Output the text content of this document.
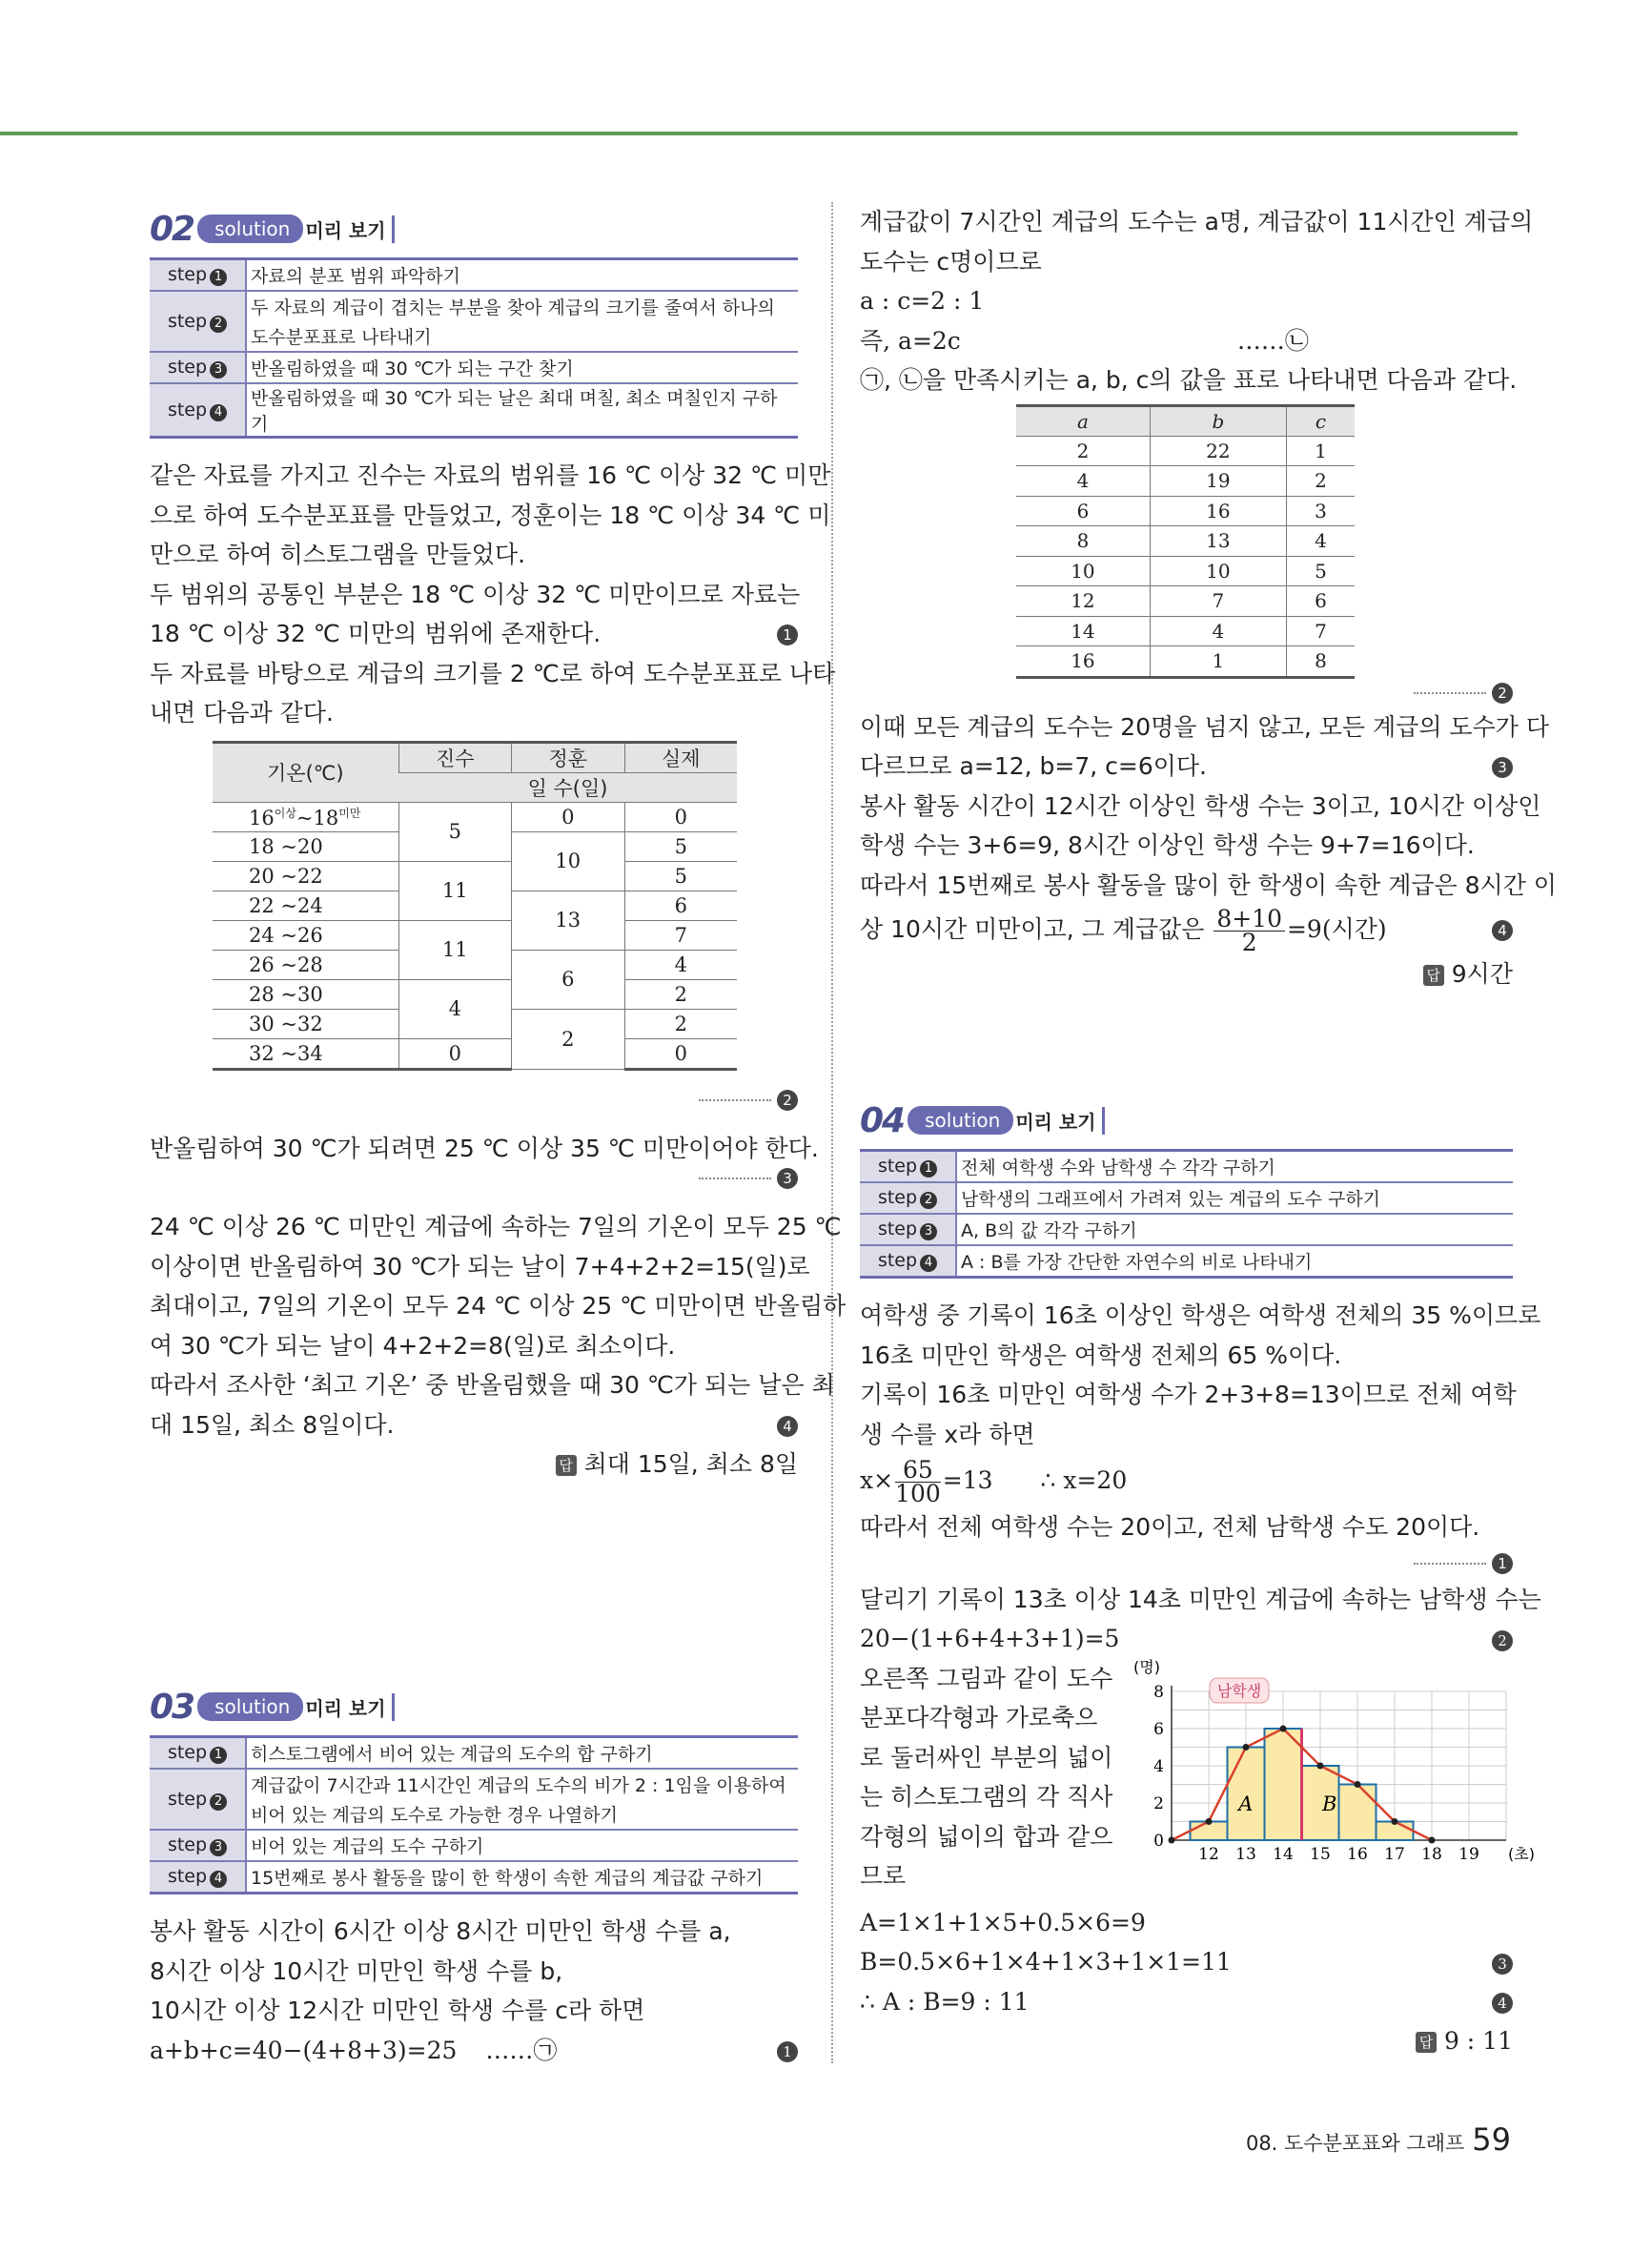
02	solution 미리 보기
step 1	자료의 분포 범위 파악하기
step 2	두 자료의 계급이 겹치는 부분을 찾아 계급의 크기를 줄여서 하나의
	도수분포표로 나타내기
step 3	반올림하였을 때 30 ℃가 되는 구간 찾기
step 4	반올림하였을 때 30 ℃가 되는 날은 최대 며칠, 최소 며칠인지 구하기

같은 자료를 가지고 진수는 자료의 범위를 16 ℃ 이상 32 ℃ 미만

으로 하여 도수분포표를 만들었고, 정훈이는 18 ℃ 이상 34 ℃ 미

만으로 하여 히스토그램을 만들었다.

두 범위의 공통인 부분은 18 ℃ 이상 32 ℃ 미만이므로 자료는

18 ℃ 이상 32 ℃ 미만의 범위에 존재한다.	1

두 자료를 바탕으로 계급의 크기를 2 ℃로 하여 도수분포표로 나타

내면 다음과 같다.

기온(℃)	진수	정훈	실제
	일 수(일)		
$16^{이상}\sim 18^{미만}$	5	0	0
18 ~20		10	5
20 ~22	11		5
22 ~24		13	6
24 ~26	11		7
26 ~28		6	4
28 ~30	4		2
30 ~32		2	2
32 ~34	0		0
2

반올림하여 30 ℃가 되려면 25 ℃ 이상 35 ℃ 미만이어야 한다.

3

24 ℃ 이상 26 ℃ 미만인 계급에 속하는 7일의 기온이 모두 25 ℃

이상이면 반올림하여 30 ℃가 되는 날이 7+4+2+2=15(일)로

최대이고, 7일의 기온이 모두 24 ℃ 이상 25 ℃ 미만이면 반올림하

여 30 ℃가 되는 날이 4+2+2=8(일)로 최소이다.

따라서 조사한 ‘최고 기온’ 중 반올림했을 때 30 ℃가 되는 날은 최

대 15일, 최소 8일이다.	4

답 최대 15일, 최소 8일
03	solution 미리 보기
step 1	히스토그램에서 비어 있는 계급의 도수의 합 구하기
step 2	계급값이 7시간과 11시간인 계급의 도수의 비가 2 : 1임을 이용하여
	비어 있는 계급의 도수로 가능한 경우 나열하기
step 3	비어 있는 계급의 도수 구하기
step 4	15번째로 봉사 활동을 많이 한 학생이 속한 계급의 계급값 구하기

봉사 활동 시간이 6시간 이상 8시간 미만인 학생 수를 a,

8시간 이상 10시간 미만인 학생 수를 b,

10시간 이상 12시간 미만인 학생 수를 c라 하면

a+b+c=40−(4+8+3)=25 ……㉠	1

계급값이 7시간인 계급의 도수는 a명, 계급값이 11시간인 계급의

도수는 c명이므로

a : c=2 : 1

즉, a=2c	……㉡

㉠, ㉡을 만족시키는 a, b, c의 값을 표로 나타내면 다음과 같다.

a	b	c
2	22	1
4	19	2
6	16	3
8	13	4
10	10	5
12	7	6
14	4	7
16	1	8
2

이때 모든 계급의 도수는 20명을 넘지 않고, 모든 계급의 도수가 다

다르므로 a=12, b=7, c=6이다.	3

봉사 활동 시간이 12시간 이상인 학생 수는 3이고, 10시간 이상인

학생 수는 3+6=9, 8시간 이상인 학생 수는 9+7=16이다.

따라서 15번째로 봉사 활동을 많이 한 학생이 속한 계급은 8시간 이

상 10시간 미만이고, 그 계급값은 $\frac{8+10}{2} =9$(시간)	4

답 9시간
04	solution 미리 보기
step 1	전체 여학생 수와 남학생 수 각각 구하기
step 2	남학생의 그래프에서 가려져 있는 계급의 도수 구하기
step 3	A, B의 값 각각 구하기
step 4	A : B를 가장 간단한 자연수의 비로 나타내기

여학생 중 기록이 16초 이상인 학생은 여학생 전체의 35 %이므로

16초 미만인 학생은 여학생 전체의 65 %이다.

기록이 16초 미만인 여학생 수가 2+3+8=13이므로 전체 여학

생 수를 x라 하면

$x\times \frac{65}{100} =13$ ∴ x=20

따라서 전체 여학생 수는 20이고, 전체 남학생 수도 20이다.

1

달리기 기록이 13초 이상 14초 미만인 계급에 속하는 남학생 수는

20−(1+6+4+3+1)=5	2

오른쪽 그림과 같이 도수

분포다각형과 가로축으

로 둘러싸인 부분의 넓이

는 히스토그램의 각 직사

각형의 넓이의 합과 같으

므로

0
2
4
6
8
12 13 14 15 16 17 18 19 (초)
(명)
남학생
A	B

A=1×1+1×5+0.5×6=9

B=0.5×6+1×4+1×3+1×1=11	3

∴ A : B=9 : 11	4

답 9 : 11
08. 도수분포표와 그래프 59
